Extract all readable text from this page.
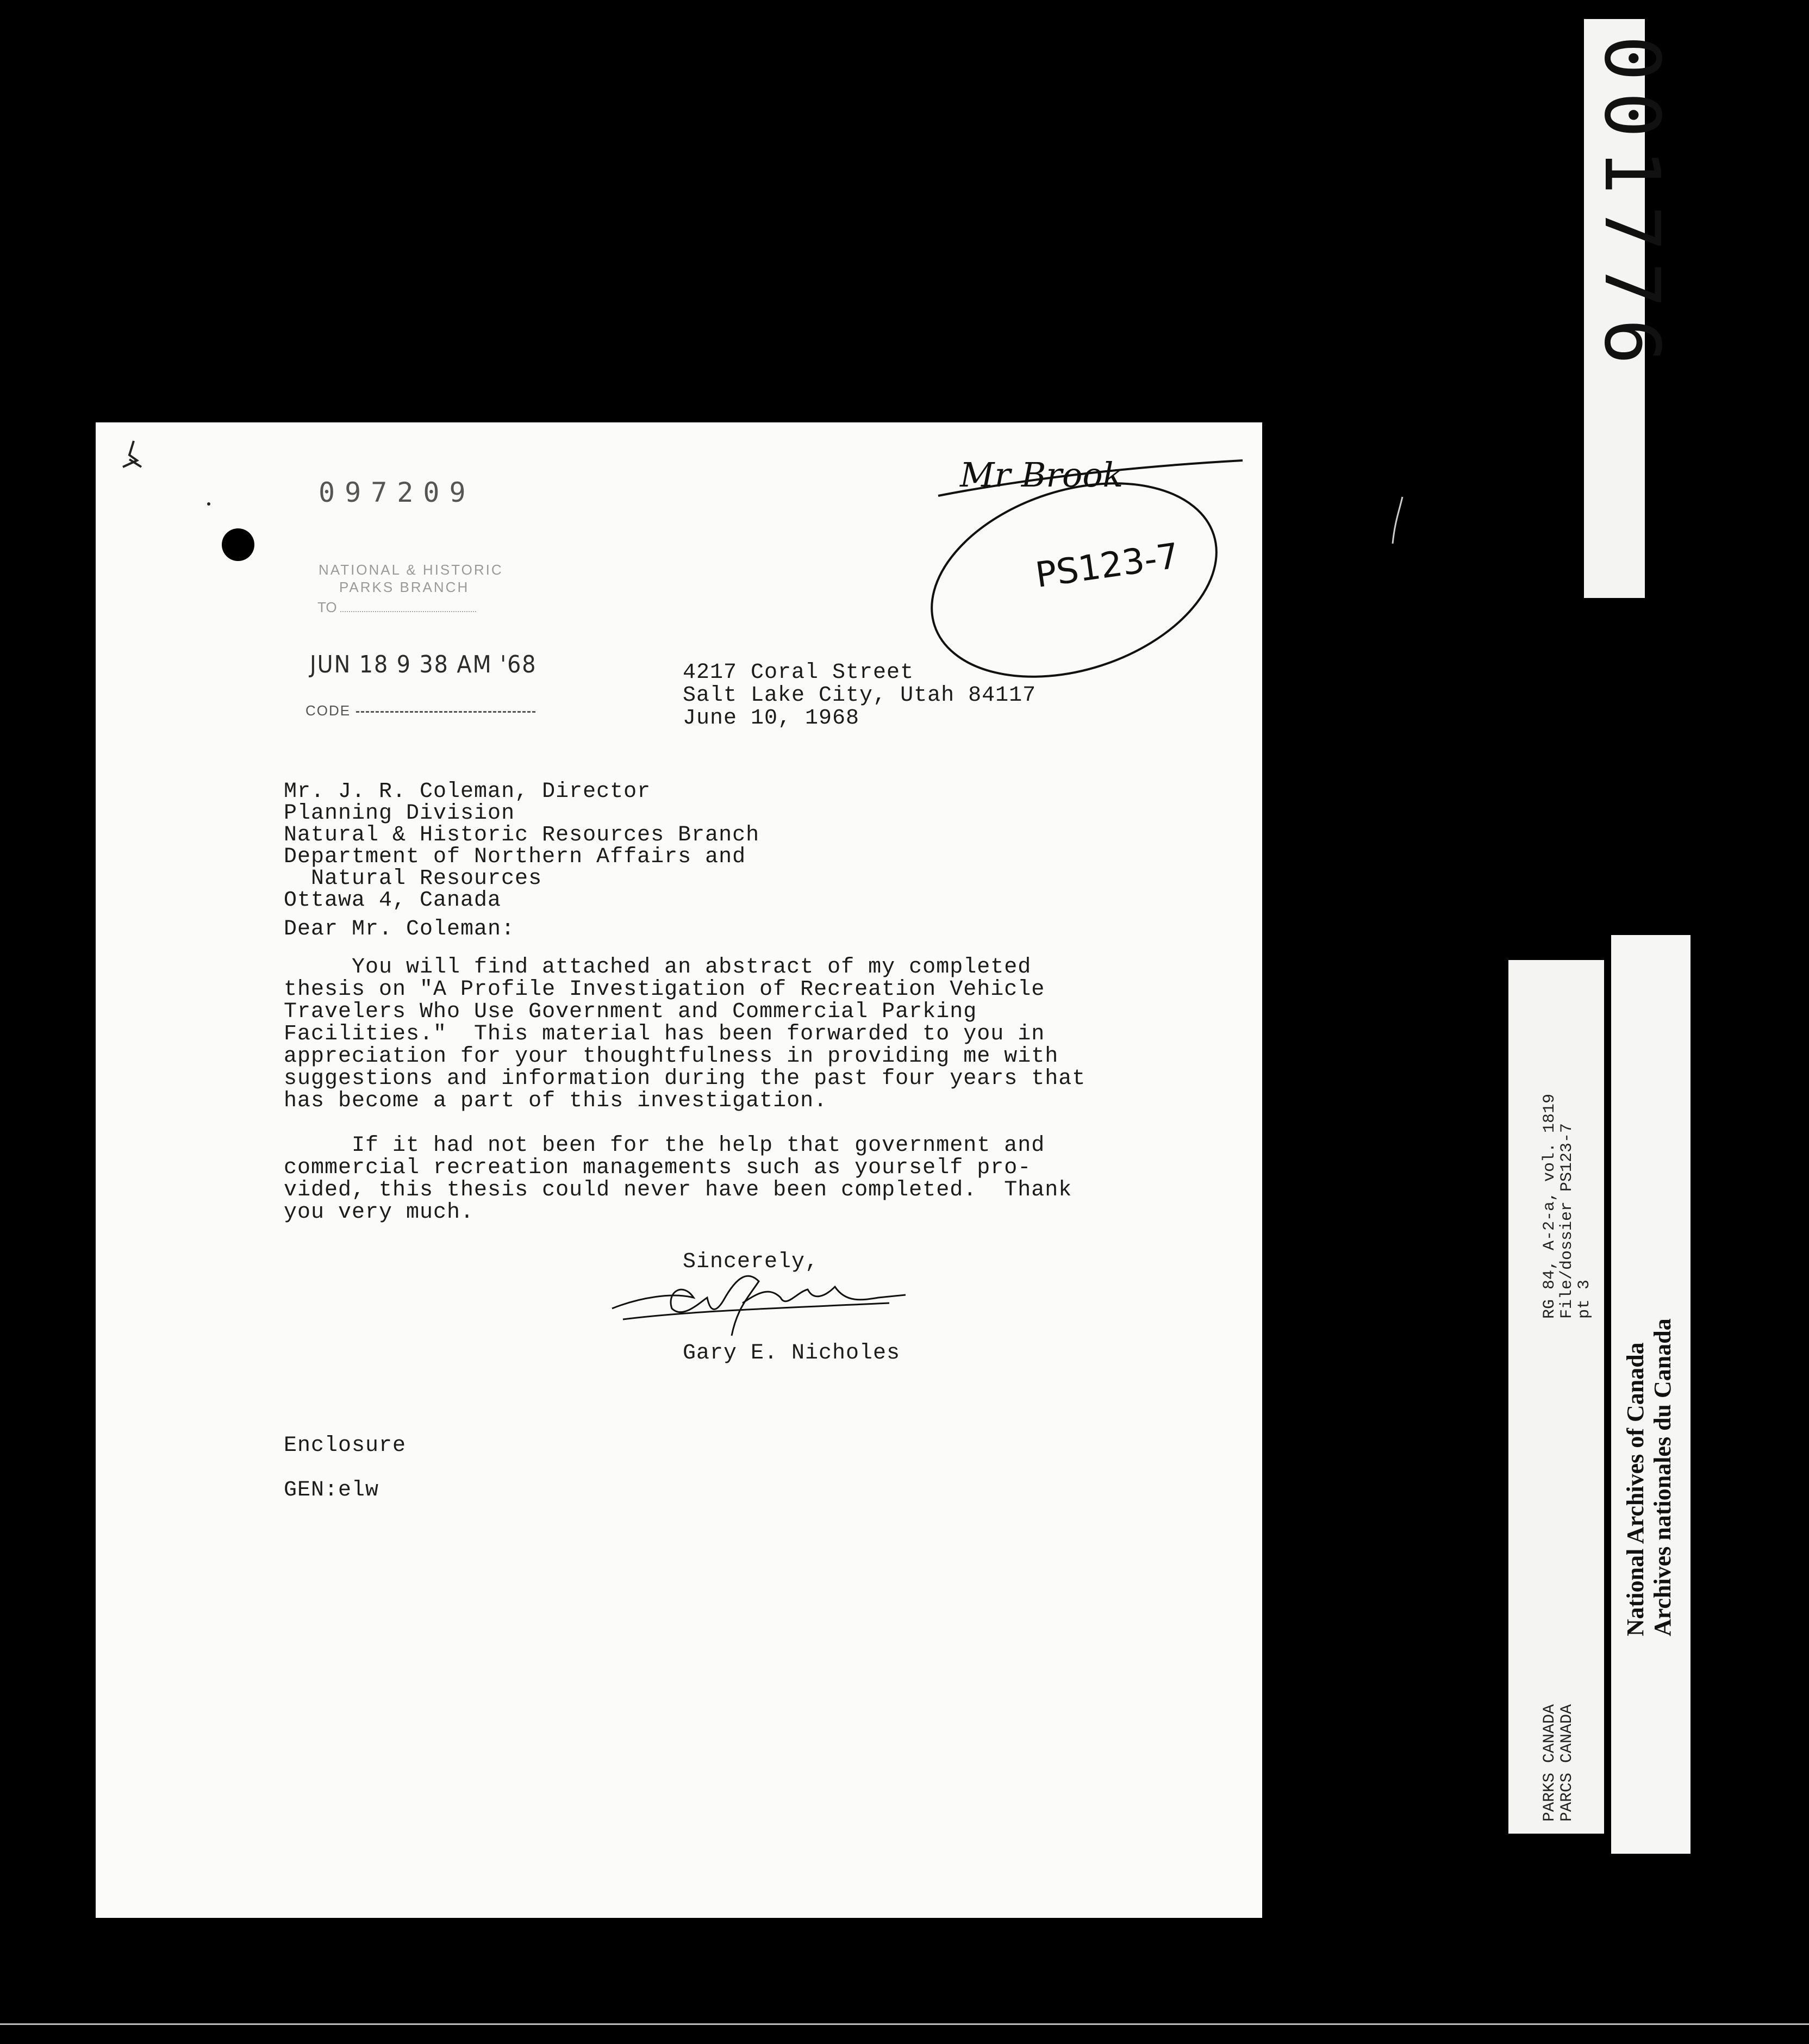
097209
NATIONAL & HISTORIC
PARKS BRANCH
TO
JUN 18 9 38 AM '68
CODE
Mr Brook
PS123-7
4217 Coral Street
Salt Lake City, Utah 84117
June 10, 1968
Mr. J. R. Coleman, Director
Planning Division
Natural & Historic Resources Branch
Department of Northern Affairs and
Natural Resources
Ottawa 4, Canada
Dear Mr. Coleman:

You will find attached an abstract of my completed

thesis on "A Profile Investigation of Recreation Vehicle

Travelers Who Use Government and Commercial Parking

Facilities."  This material has been forwarded to you in

appreciation for your thoughtfulness in providing me with

suggestions and information during the past four years that

has become a part of this investigation.

If it had not been for the help that government and

commercial recreation managements such as yourself pro-

vided, this thesis could never have been completed.  Thank

you very much.

Sincerely,
Gary E. Nicholes
Enclosure
GEN:elw
001776
RG 84, A-2-a, vol. 1819
File/dossier PS123-7
pt 3
PARKS CANADA
PARCS CANADA
National Archives of Canada Archives nationales du Canada
